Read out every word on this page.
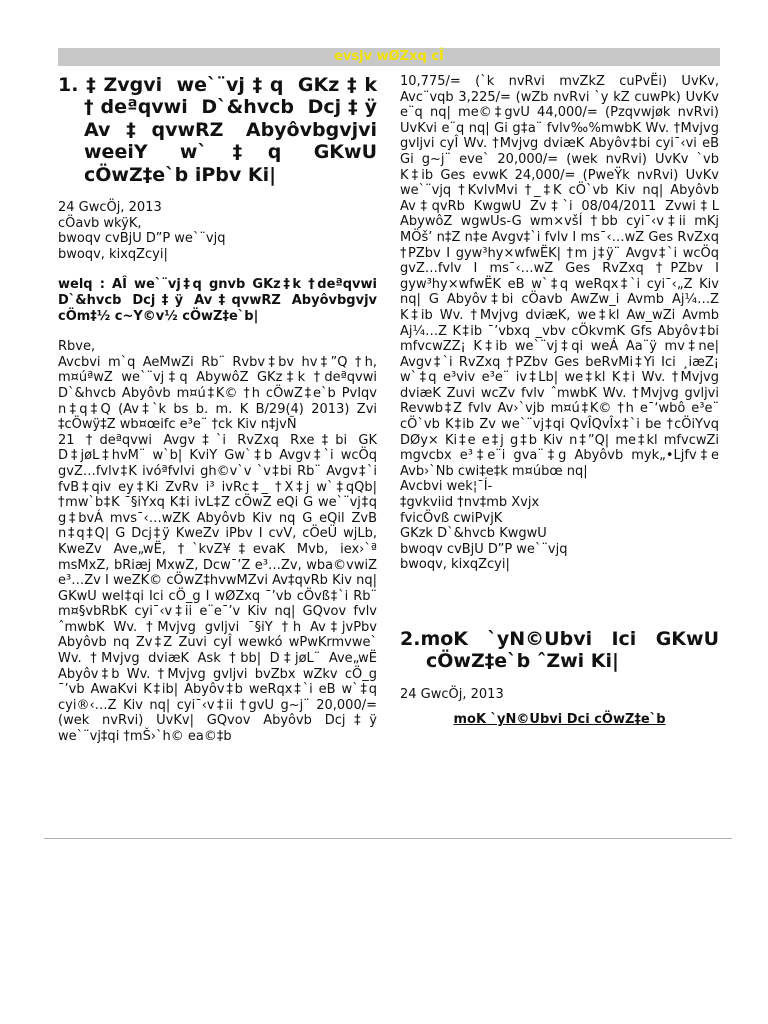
evsjv wØZxq cÎ

1.‡Zvgvi we`¨vj‡q GKz‡k †deªqvwi D`&hvcb Dcj‡ÿ Av‡qvwRZ Abyôvbgvjvi weeiY w`‡q GKwU cÖwZ‡e`b iPbv Ki|

24 GwcÖj, 2013
cÖavb wkÿK,
bwoqv cvBjU D”P we`¨vjq
bwoqv, kixqZcyi|

welq : AÎ we`¨vj‡q gnvb GKz‡k †deªqvwi D`&hvcb Dcj‡ÿ Av‡qvwRZ Abyôvbgvjv cÖm‡½ c~Y©v½ cÖwZ‡e`b|

Rbve,

Avcbvi m`q AeMwZi Rb¨ Rvbv‡bv hv‡”Q †h, m¤úªwZ we`¨vj‡q AbywôZ GKz‡k †deªqvwi D`&hvcb Abyôvb m¤ú‡K© †h cÖwZ‡e`b PvIqv n‡q‡Q (Av‡`k bs b. m. K B/29(4) 2013) Zvi ‡cÖwÿ‡Z wb¤œifc e³e¨ †ck Kiv n‡jvÑ

21 †deªqvwi Avgv‡`i RvZxq Rxe‡bi GK D‡jøL‡hvM¨ w`b| KviY Gw`‡b Avgv‡`i wcÖq gvZ…fvlv‡K ivóªfvlvi gh©v`v `v‡bi Rb¨ Avgv‡`i fvB‡qiv ey‡Ki ZvRv i³ ivRc‡_ †X‡j w`‡qQb| †mw`b‡K ¯§iYxq K‡i ivL‡Z cÖwZ eQi G we`¨vj‡q g‡bvÁ mvs¯‹…wZK Abyôvb Kiv nq G eQil ZvB n‡q‡Q| G Dcj‡ÿ KweZv iPbv I cvV, cÖeÜ wjLb, KweZv Ave„wË, †`kvZ¥‡evaK Mvb, iex›`ª msMxZ, bRiæj MxwZ, Dcw¯’Z e³…Zv, wba©vwiZ e³…Zv I weZK© cÖwZ‡hvwMZvi Av‡qvRb Kiv nq| GKwU wel‡qi Ici cÖ_g I wØZxq ¯’vb cÖvß‡`i Rb¨ m¤§vbRbK cyi¯‹v‡ii e¨e¯’v Kiv nq| GQvov fvlv ˆmwbK Wv. †Mvjvg gvljvi ¯§iY †h Av‡jvPbv Abyôvb nq Zv‡Z Zuvi cyÎ wewkó wPwKrmvwe` Wv. †Mvjvg dviæK Ask †bb| D‡jøL¨ Ave„wË Abyôv‡b Wv. †Mvjvg gvljvi bvZbx wZkv cÖ_g ¯’vb AwaKvi K‡ib| Abyôv‡b weRqx‡`i eB w`‡q cyi®‹…Z Kiv nq| cyi¯‹v‡ii †gvU g~j¨ 20,000/= (wek nvRvi) UvKv| GQvov Abyôvb Dcj‡ÿ we`¨vj‡qi †mŠ›`h© ea©‡b

10,775/= (`k nvRvi mvZkZ cuPvËi) UvKv, Avc¨vqb 3,225/= (wZb nvRvi `y kZ cuwPk) UvKv e¨q nq| me©‡gvU 44,000/= (Pzqvwjøk nvRvi) UvKvi e¨q nq| Gi g‡a¨ fvlv‰%mwbK Wv. †Mvjvg gvljvi cyÎ Wv. †Mvjvg dviæK Abyôv‡bi cyi¯‹vi eB Gi g~j¨ eve` 20,000/= (wek nvRvi) UvKv `vb K‡ib Ges evwK 24,000/= (PweŸk nvRvi) UvKv we`¨vjq †KvlvMvi †_‡K cÖ`vb Kiv nq| Abyôvb Av‡qvRb KwgwU Zv‡`i 08/04/2011 Zvwi‡L AbywôZ wgwUs-G wm×všÍ †bb cyi¯‹v‡ii mKj MÖš’ n‡Z n‡e Avgv‡`i fvlv I ms¯‹…wZ Ges RvZxq †PZbv I gyw³hy×wfwËK| †m j‡ÿ¨ Avgv‡`i wcÖq gvZ…fvlv I ms¯‹…wZ Ges RvZxq †PZbv I gyw³hy×wfwËK eB w`‡q weRqx‡`i cyi¯‹„Z Kiv nq| G Abyôv‡bi cÖavb AwZw_i Avmb Aj¼…Z K‡ib Wv. †Mvjvg dviæK, we‡kl Aw_wZi Avmb Aj¼…Z K‡ib ¯’vbxq _vbv cÖkvmK Gfs Abyôv‡bi mfvcwZZ¡ K‡ib we`¨vj‡qi weÁ Aa¨ÿ mv‡ne| Avgv‡`i RvZxq †PZbv Ges beRvMi‡Yi Ici ¸iæZ¡ w`‡q e³viv e³e¨ iv‡Lb| we‡kl K‡i Wv. †Mvjvg dviæK Zuvi wcZv fvlv ˆmwbK Wv. †Mvjvg gvljvi Revwb‡Z fvlv Av›`vjb m¤ú‡K© †h e¯‘wbô e³e¨ cÖ`vb K‡ib Zv we`¨vj‡qi QvÎQvÎx‡`i be †cÖiYvq DØy× Ki‡e e‡j g‡b Kiv n‡”Q| me‡kl mfvcwZi mgvcbx e³‡e¨i gva¨‡g Abyôvb myk„•Ljfv‡e Avb›`Nb cwi‡e‡k m¤úbœ nq|

Avcbvi wek¦¯Í-
‡gvkviid †nv‡mb Xvjx
fvicÖvß cwiPvjK
GKzk D`&hvcb KwgwU
bwoqv cvBjU D”P we`¨vjq
bwoqv, kixqZcyi|

2.moK `yN©Ubvi Ici GKwU cÖwZ‡e`b ˆZwi Ki|

24 GwcÖj, 2013
moK `yN©Ubvi Dci cÖwZ‡e`b
